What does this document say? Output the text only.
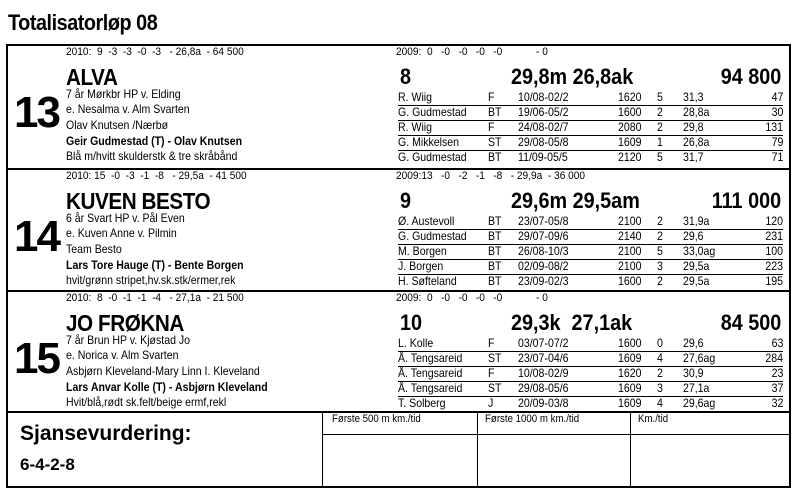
Totalisatorløp 08
2010:  9  -3  -3  -0  -3   - 26,8a  - 64 500	2009:  0   -0   -0   -0   -0            - 0
ALVA
13 7 år Mørkbr HP v. Elding
e. Nesalma v. Alm Svarten
Olav Knutsen /Nærbø
Geir Gudmestad (T) - Olav Knutsen
Blå m/hvitt skulderstk & tre skråbånd
8	29,8m 26,8ak	94 800
R. Wiig	F 10/08-02/2	1620 5 31,3	47
G. Gudmestad BT 19/06-05/2	1600 2 28,8a	30
R. Wiig	F 24/08-02/7	2080 2 29,8	131
G. Mikkelsen ST 29/08-05/8	1609 1 26,8a	79
G. Gudmestad BT 11/09-05/5	2120 5 31,7	71
2010: 15  -0  -3  -1  -8   - 29,5a  - 41 500	2009:13   -0   -2   -1   -8   - 29,9a  - 36 000
KUVEN BESTO
14 6 år Svart HP v. Pål Even
e. Kuven Anne v. Pilmin
Team Besto
Lars Tore Hauge (T) - Bente Borgen
hvit/grønn stripet,hv.sk.stk/ermer,rek
9	29,6m 29,5am	111 000
Ø. Austevoll	BT 23/07-05/8	2100 2 31,9a	120
G. Gudmestad BT 29/07-09/6	2140 2 29,6	231
M. Borgen	BT 26/08-10/3	2100 5 33,0ag	100
J. Borgen	BT 02/09-08/2	2100 3 29,5a	223
H. Søfteland	BT 23/09-02/3	1600 2 29,5a	195
2010:  8  -0  -1  -1  -4   - 27,1a  - 21 500	2009:  0   -0   -0   -0   -0            - 0
JO FRØKNA
15 7 år Brun HP v. Kjøstad Jo
e. Norica v. Alm Svarten
Asbjørn Kleveland-Mary Linn I. Kleveland
Lars Anvar Kolle (T) - Asbjørn Kleveland
Hvit/blå,rødt sk.felt/beige ermf,rekl
10	29,3k  27,1ak	84 500
L. Kolle	F 03/07-07/2	1600 0 29,6	63
Å. Tengsareid ST 23/07-04/6	1609 4 27,6ag	284
Å. Tengsareid F 10/08-02/9	1620 2 30,9	23
Å. Tengsareid ST 29/08-05/6	1609 3 27,1a	37
T. Solberg	J 20/09-03/8	1609 4 29,6ag	32
Sjansevurdering:
6-4-2-8
Første 500 m km./tid	Første 1000 m km./tid	Km./tid
